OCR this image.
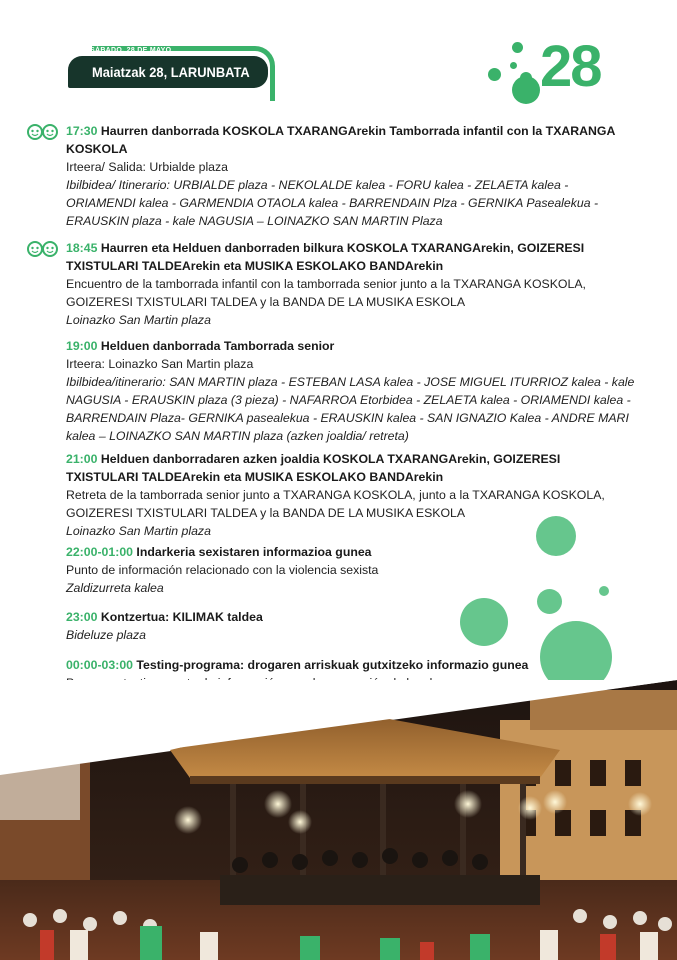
SÁBADO, 28 DE MAYO
Maiatzak 28, LARUNBATA	28
17:30 Haurren danborrada KOSKOLA TXARANGArekin Tamborrada infantil con la TXARANGA KOSKOLA
Irteera/ Salida: Urbialde plaza
Ibilbidea/ Itinerario: URBIALDE plaza - NEKOLALDE kalea - FORU kalea - ZELAETA kalea - ORIAMENDI kalea - GARMENDIA OTAOLA kalea - BARRENDAIN Plza - GERNIKA Pasealekua - ERAUSKIN plaza - kale NAGUSIA – LOINAZKO SAN MARTIN Plaza
18:45 Haurren eta Helduen danborraden bilkura KOSKOLA TXARANGArekin, GOIZERESI TXISTULARI TALDEArekin eta MUSIKA ESKOLAKO BANDArekin
Encuentro de la tamborrada infantil con la tamborrada senior junto a la TXARANGA KOSKOLA, GOIZERESI TXISTULARI TALDEA y la BANDA DE LA MUSIKA ESKOLA
Loinazko San Martin plaza
19:00 Helduen danborrada Tamborrada senior
Irteera: Loinazko San Martin plaza
Ibilbidea/itinerario: SAN MARTIN plaza - ESTEBAN LASA kalea - JOSE MIGUEL ITURRIOZ kalea - kale NAGUSIA - ERAUSKIN plaza (3 pieza) - NAFARROA Etorbidea - ZELAETA kalea - ORIAMENDI kalea - BARRENDAIN Plaza- GERNIKA pasealekua - ERAUSKIN kalea - SAN IGNAZIO Kalea - ANDRE MARI kalea – LOINAZKO SAN MARTIN plaza (azken joaldia/ retreta)
21:00 Helduen danborradaren azken joaldia KOSKOLA TXARANGArekin, GOIZERESI TXISTULARI TALDEArekin eta MUSIKA ESKOLAKO BANDArekin
Retreta de la tamborrada senior junto a TXARANGA KOSKOLA, junto a la TXARANGA KOSKOLA, GOIZERESI TXISTULARI TALDEA y la BANDA DE LA MUSIKA ESKOLA
Loinazko San Martin plaza
22:00-01:00 Indarkeria sexistaren informazioa gunea
Punto de información relacionado con la violencia sexista
Zaldizurreta kalea
23:00 Kontzertua: KILIMAK taldea
Bideluze plaza
00:00-03:00 Testing-programa: drogaren arriskuak gutxitzeko informazio gunea
